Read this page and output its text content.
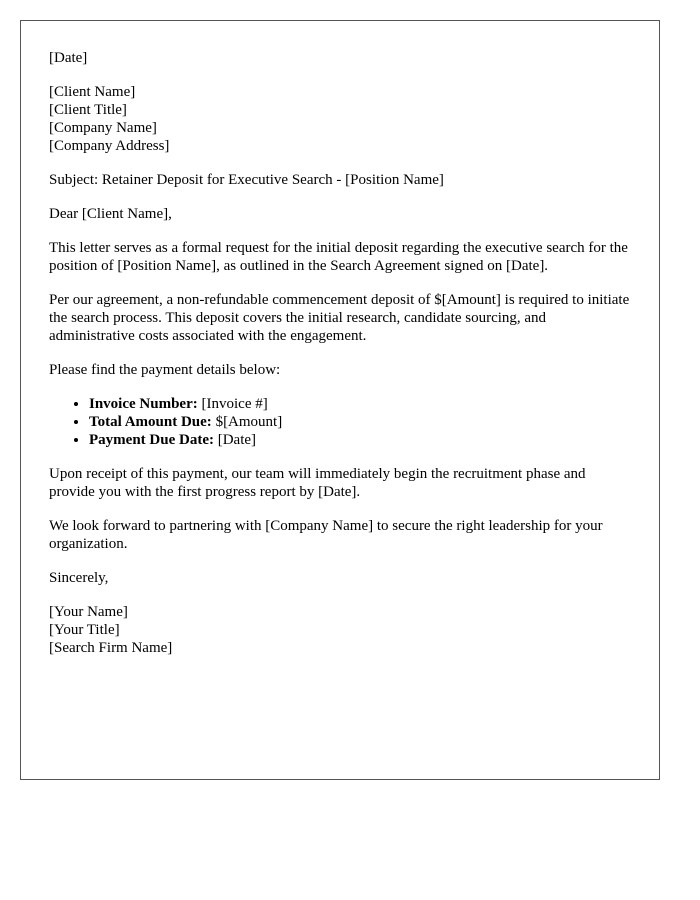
[Date]

[Client Name]
[Client Title]
[Company Name]
[Company Address]

Subject: Retainer Deposit for Executive Search - [Position Name]

Dear [Client Name],

This letter serves as a formal request for the initial deposit regarding the executive search for the position of [Position Name], as outlined in the Search Agreement signed on [Date].

Per our agreement, a non-refundable commencement deposit of $[Amount] is required to initiate the search process. This deposit covers the initial research, candidate sourcing, and administrative costs associated with the engagement.

Please find the payment details below:

• Invoice Number: [Invoice #]
• Total Amount Due: $[Amount]
• Payment Due Date: [Date]

Upon receipt of this payment, our team will immediately begin the recruitment phase and provide you with the first progress report by [Date].

We look forward to partnering with [Company Name] to secure the right leadership for your organization.

Sincerely,

[Your Name]
[Your Title]
[Search Firm Name]
